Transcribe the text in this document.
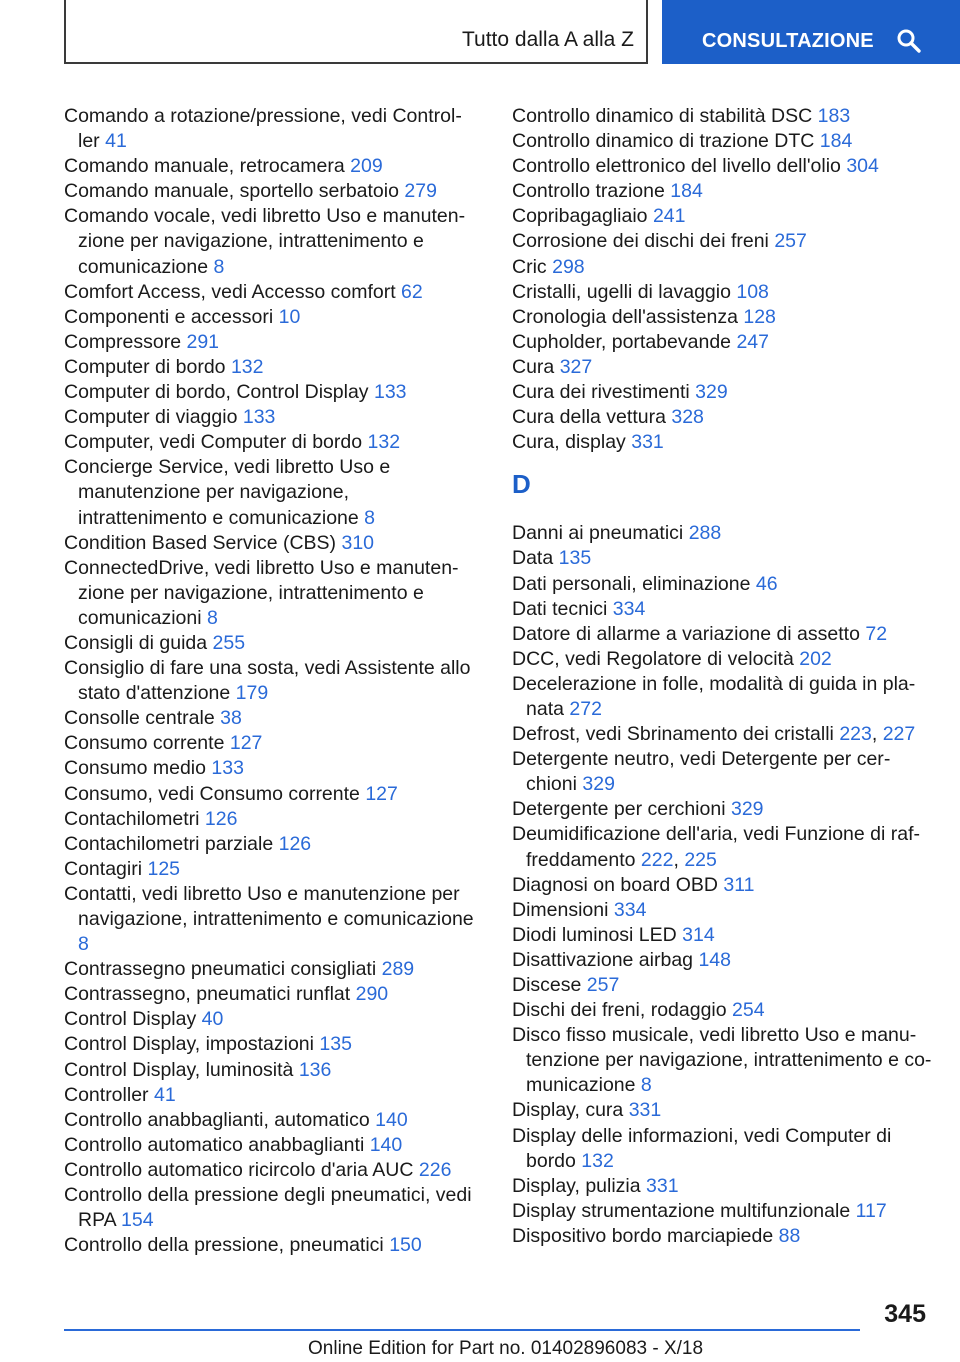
Tutto dalla A alla Z	CONSULTAZIONE

Comando a rotazione/pressione, vedi Controller 41

Comando manuale, retrocamera 209

Comando manuale, sportello serbatoio 279

Comando vocale, vedi libretto Uso e manutenzione per navigazione, intrattenimento e comunicazione 8

Comfort Access, vedi Accesso comfort 62

Componenti e accessori 10

Compressore 291

Computer di bordo 132

Computer di bordo, Control Display 133

Computer di viaggio 133

Computer, vedi Computer di bordo 132

Concierge Service, vedi libretto Uso e manutenzione per navigazione, intrattenimento e comunicazione 8

Condition Based Service (CBS) 310

ConnectedDrive, vedi libretto Uso e manutenzione per navigazione, intrattenimento e comunicazioni 8

Consigli di guida 255

Consiglio di fare una sosta, vedi Assistente allo stato d'attenzione 179

Consolle centrale 38

Consumo corrente 127

Consumo medio 133

Consumo, vedi Consumo corrente 127

Contachilometri 126

Contachilometri parziale 126

Contagiri 125

Contatti, vedi libretto Uso e manutenzione per navigazione, intrattenimento e comunicazione 8

Contrassegno pneumatici consigliati 289

Contrassegno, pneumatici runflat 290

Control Display 40

Control Display, impostazioni 135

Control Display, luminosità 136

Controller 41

Controllo anabbaglianti, automatico 140

Controllo automatico anabbaglianti 140

Controllo automatico ricircolo d'aria AUC 226

Controllo della pressione degli pneumatici, vedi RPA 154

Controllo della pressione, pneumatici 150

Controllo dinamico di stabilità DSC 183

Controllo dinamico di trazione DTC 184

Controllo elettronico del livello dell'olio 304

Controllo trazione 184

Copribagagliaio 241

Corrosione dei dischi dei freni 257

Cric 298

Cristalli, ugelli di lavaggio 108

Cronologia dell'assistenza 128

Cupholder, portabevande 247

Cura 327

Cura dei rivestimenti 329

Cura della vettura 328

Cura, display 331

D

Danni ai pneumatici 288

Data 135

Dati personali, eliminazione 46

Dati tecnici 334

Datore di allarme a variazione di assetto 72

DCC, vedi Regolatore di velocità 202

Decelerazione in folle, modalità di guida in planata 272

Defrost, vedi Sbrinamento dei cristalli 223, 227

Detergente neutro, vedi Detergente per cerchioni 329

Detergente per cerchioni 329

Deumidificazione dell'aria, vedi Funzione di raffreddamento 222, 225

Diagnosi on board OBD 311

Dimensioni 334

Diodi luminosi LED 314

Disattivazione airbag 148

Discese 257

Dischi dei freni, rodaggio 254

Disco fisso musicale, vedi libretto Uso e manutenzione per navigazione, intrattenimento e comunicazione 8

Display, cura 331

Display delle informazioni, vedi Computer di bordo 132

Display, pulizia 331

Display strumentazione multifunzionale 117

Dispositivo bordo marciapiede 88

345
Online Edition for Part no. 01402896083 - X/18
